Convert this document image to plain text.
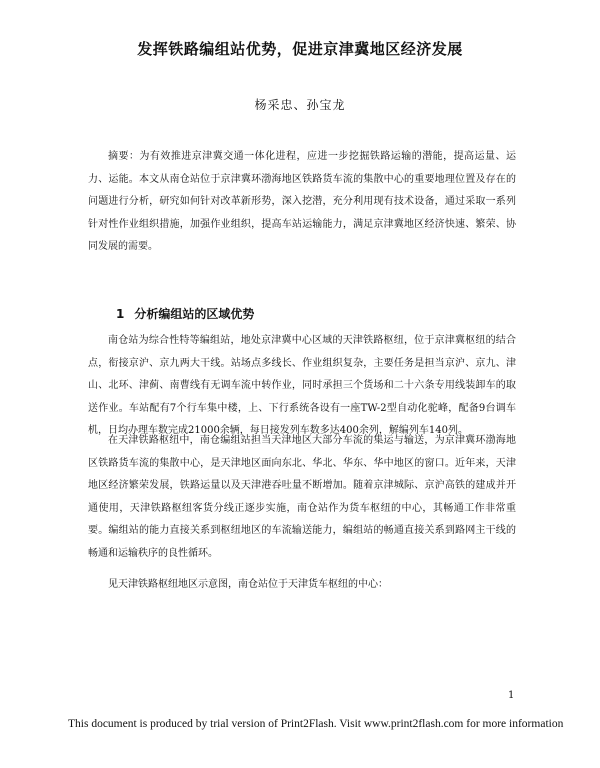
发挥铁路编组站优势，促进京津冀地区经济发展
杨采忠、孙宝龙

摘要：为有效推进京津冀交通一体化进程，应进一步挖掘铁路运输的潜能，提高运量、运力、运能。本文从南仓站位于京津冀环渤海地区铁路货车流的集散中心的重要地理位置及存在的问题进行分析，研究如何针对改革新形势，深入挖潜，充分利用现有技术设备，通过采取一系列针对性作业组织措施，加强作业组织，提高车站运输能力，满足京津冀地区经济快速、繁荣、协同发展的需要。

1 分析编组站的区域优势

南仓站为综合性特等编组站，地处京津冀中心区域的天津铁路枢纽，位于京津冀枢纽的结合点，衔接京沪、京九两大干线。站场点多线长、作业组织复杂，主要任务是担当京沪、京九、津山、北环、津蓟、南曹线有无调车流中转作业，同时承担三个货场和二十六条专用线装卸车的取送作业。车站配有7个行车集中楼，上、下行系统各设有一座TW-2型自动化驼峰，配备9台调车机，日均办理车数完成21000余辆，每日接发列车数多达400余列，解编列车140列。

在天津铁路枢纽中，南仓编组站担当天津地区大部分车流的集运与输送，为京津冀环渤海地区铁路货车流的集散中心，是天津地区面向东北、华北、华东、华中地区的窗口。近年来，天津地区经济繁荣发展，铁路运量以及天津港吞吐量不断增加。随着京津城际、京沪高铁的建成并开通使用，天津铁路枢纽客货分线正逐步实施，南仓站作为货车枢纽的中心，其畅通工作非常重要。编组站的能力直接关系到枢纽地区的车流输送能力，编组站的畅通直接关系到路网主干线的畅通和运输秩序的良性循环。

见天津铁路枢纽地区示意图，南仓站位于天津货车枢纽的中心：

1
This document is produced by trial version of Print2Flash. Visit www.print2flash.com for more information
